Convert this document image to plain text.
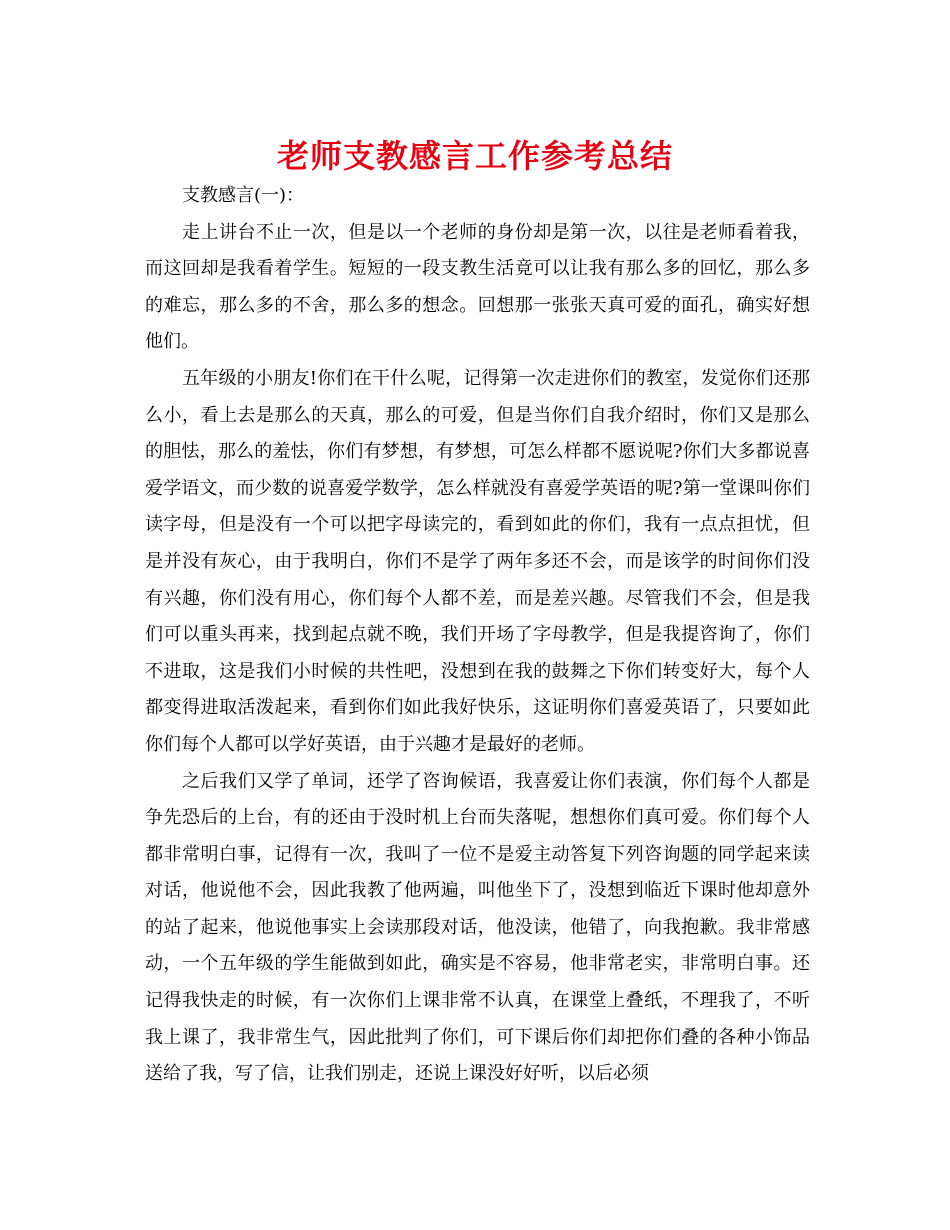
老师支教感言工作参考总结

支教感言(一)：

走上讲台不止一次，但是以一个老师的身份却是第一次，以往是老师看着我，而这回却是我看着学生。短短的一段支教生活竟可以让我有那么多的回忆，那么多的难忘，那么多的不舍，那么多的想念。回想那一张张天真可爱的面孔，确实好想他们。

五年级的小朋友!你们在干什么呢，记得第一次走进你们的教室，发觉你们还那么小，看上去是那么的天真，那么的可爱，但是当你们自我介绍时，你们又是那么的胆怯，那么的羞怯，你们有梦想，有梦想，可怎么样都不愿说呢?你们大多都说喜爱学语文，而少数的说喜爱学数学，怎么样就没有喜爱学英语的呢?第一堂课叫你们读字母，但是没有一个可以把字母读完的，看到如此的你们，我有一点点担忧，但是并没有灰心，由于我明白，你们不是学了两年多还不会，而是该学的时间你们没有兴趣，你们没有用心，你们每个人都不差，而是差兴趣。尽管我们不会，但是我们可以重头再来，找到起点就不晚，我们开场了字母教学，但是我提咨询了，你们不进取，这是我们小时候的共性吧，没想到在我的鼓舞之下你们转变好大，每个人都变得进取活泼起来，看到你们如此我好快乐，这证明你们喜爱英语了，只要如此你们每个人都可以学好英语，由于兴趣才是最好的老师。

之后我们又学了单词，还学了咨询候语，我喜爱让你们表演，你们每个人都是争先恐后的上台，有的还由于没时机上台而失落呢，想想你们真可爱。你们每个人都非常明白事，记得有一次，我叫了一位不是爱主动答复下列咨询题的同学起来读对话，他说他不会，因此我教了他两遍，叫他坐下了，没想到临近下课时他却意外的站了起来，他说他事实上会读那段对话，他没读，他错了，向我抱歉。我非常感动，一个五年级的学生能做到如此，确实是不容易，他非常老实，非常明白事。还记得我快走的时候，有一次你们上课非常不认真，在课堂上叠纸，不理我了，不听我上课了，我非常生气，因此批判了你们，可下课后你们却把你们叠的各种小饰品送给了我，写了信，让我们别走，还说上课没好好听，以后必须
